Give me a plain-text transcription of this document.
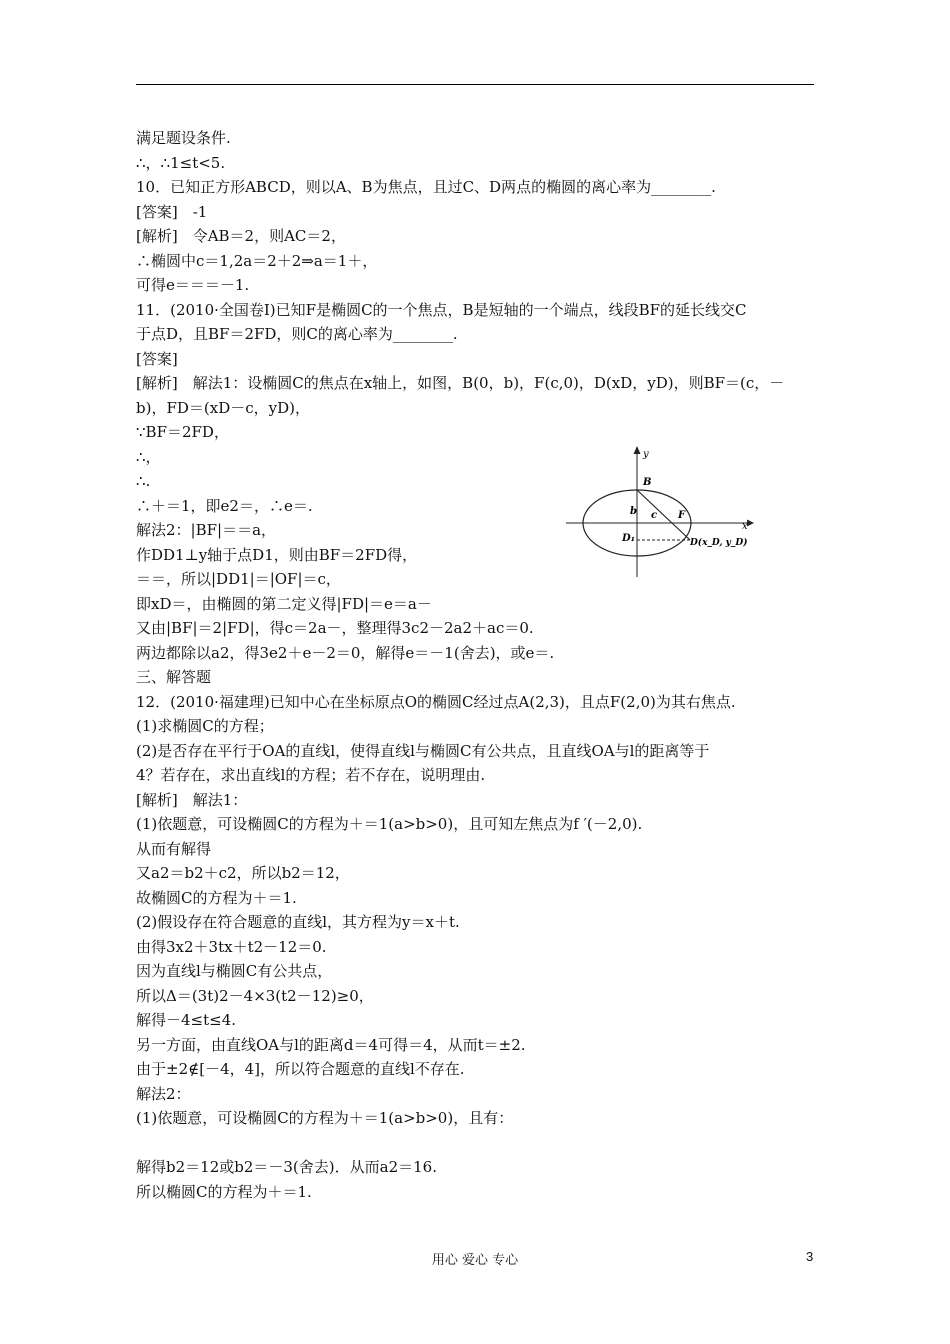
满足题设条件.
∴，∴1≤t<5.
10．已知正方形ABCD，则以A、B为焦点，且过C、D两点的椭圆的离心率为________.
[答案]　-1
[解析]　令AB＝2，则AC＝2，
∴椭圆中c＝1,2a＝2＋2⇒a＝1＋，
可得e＝＝＝－1.
11．(2010·全国卷Ⅰ)已知F是椭圆C的一个焦点，B是短轴的一个端点，线段BF的延长线交C
于点D，且BF＝2FD，则C的离心率为________.
[答案]
[解析]　解法1：设椭圆C的焦点在x轴上，如图，B(0，b)，F(c,0)，D(xD，yD)，则BF＝(c，－
b)，FD＝(xD－c，yD)，
∵BF＝2FD，
∴，
∴.
∴＋＝1，即e2＝，∴e＝.
解法2：|BF|＝＝a，
作DD1⊥y轴于点D1，则由BF＝2FD得，
＝＝，所以|DD1|＝|OF|＝c，
即xD＝，由椭圆的第二定义得|FD|＝e＝a－
又由|BF|＝2|FD|，得c＝2a－，整理得3c2－2a2＋ac＝0.
两边都除以a2，得3e2＋e－2＝0，解得e＝－1(舍去)，或e＝.
三、解答题
12．(2010·福建理)已知中心在坐标原点O的椭圆C经过点A(2,3)，且点F(2,0)为其右焦点.
(1)求椭圆C的方程；
(2)是否存在平行于OA的直线l，使得直线l与椭圆C有公共点，且直线OA与l的距离等于
4？若存在，求出直线l的方程；若不存在，说明理由.
[解析]　解法1：
(1)依题意，可设椭圆C的方程为＋＝1(a>b>0)，且可知左焦点为f ′(－2,0).
从而有解得
又a2＝b2＋c2，所以b2＝12，
故椭圆C的方程为＋＝1.
(2)假设存在符合题意的直线l，其方程为y＝x＋t.
由得3x2＋3tx＋t2－12＝0.
因为直线l与椭圆C有公共点，
所以Δ＝(3t)2－4×3(t2－12)≥0，
解得－4≤t≤4.
另一方面，由直线OA与l的距离d＝4可得＝4，从而t＝±2.
由于±2∉[－4，4]，所以符合题意的直线l不存在.
解法2：
(1)依题意，可设椭圆C的方程为＋＝1(a>b>0)，且有：
解得b2＝12或b2＝－3(舍去)．从而a2＝16.
所以椭圆C的方程为＋＝1.
y
x
B
b c F
D₁	D(x_D, y_D)
用心 爱心 专心	3
